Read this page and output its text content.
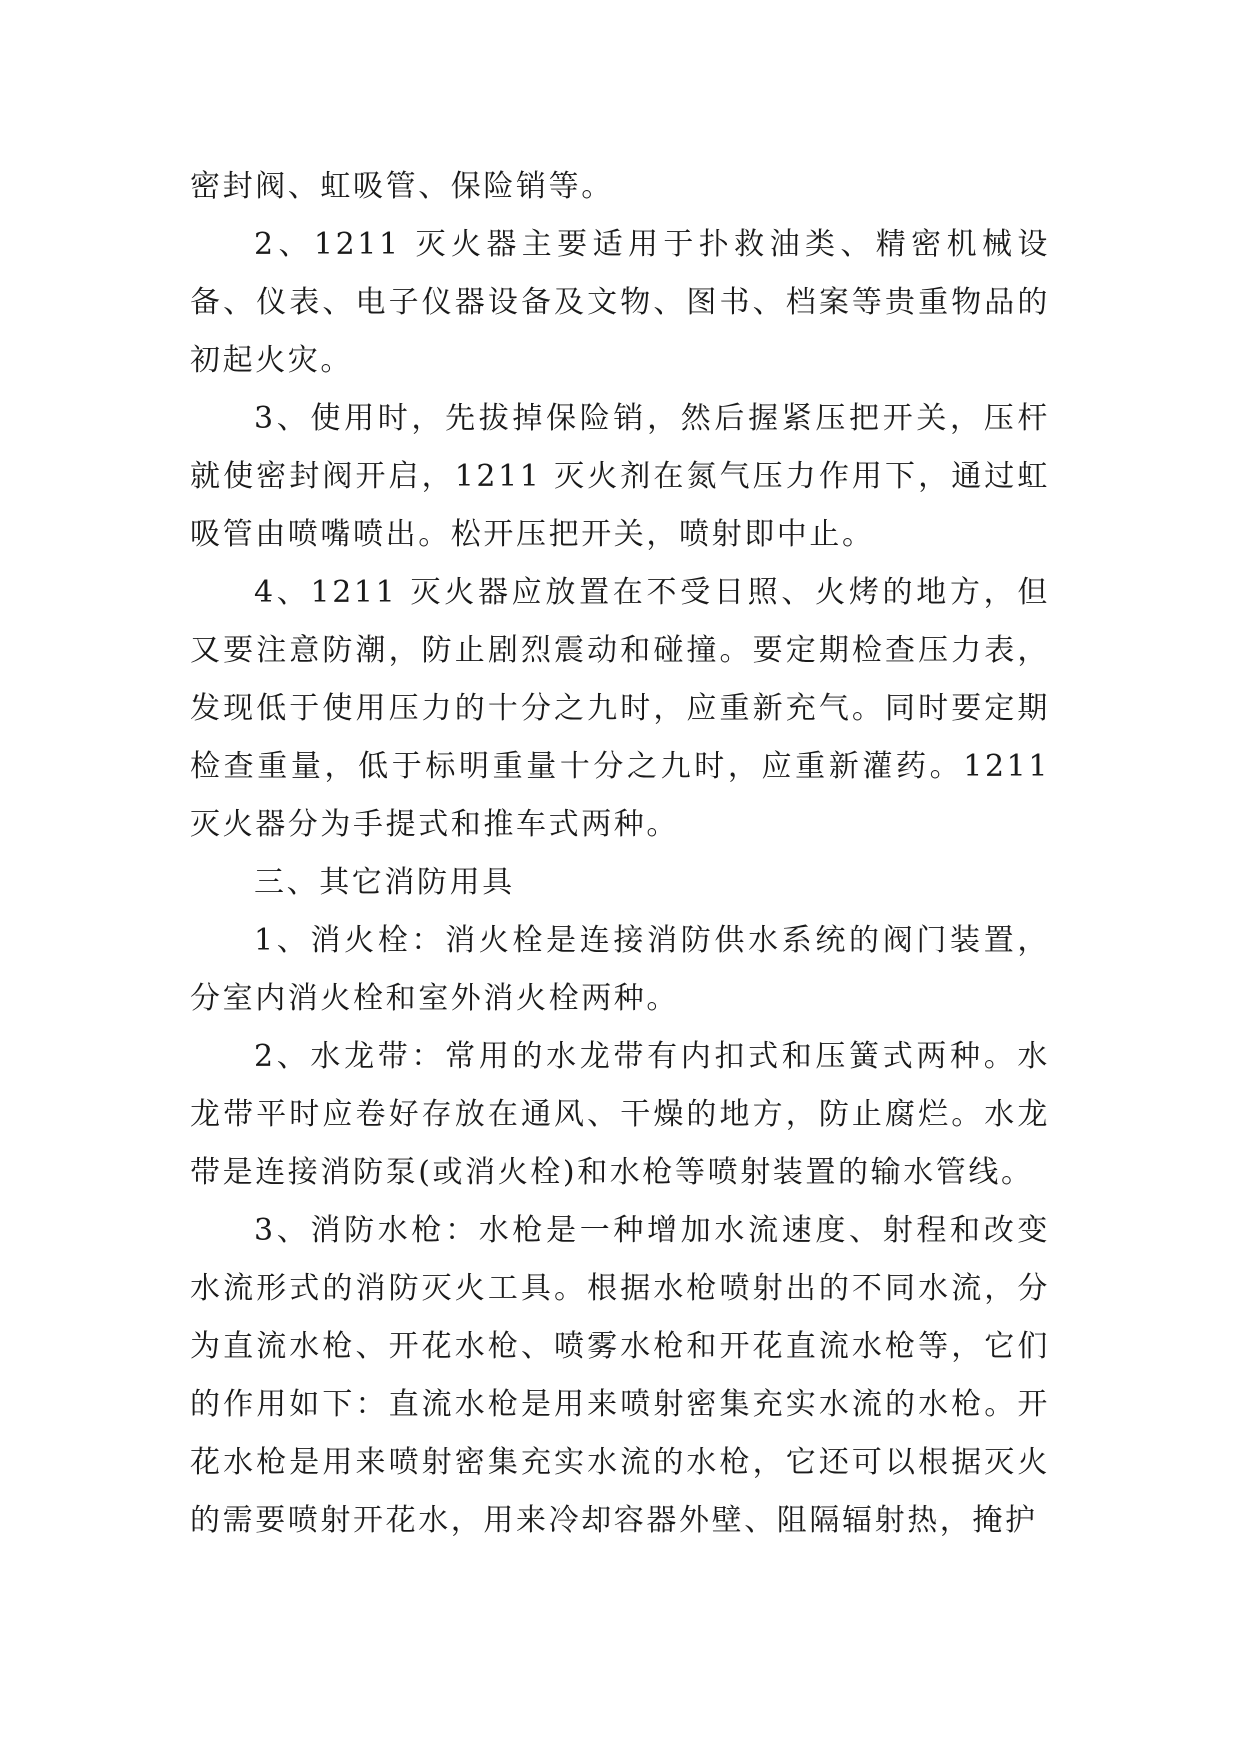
密封阀、虹吸管、保险销等。

2、1211 灭火器主要适用于扑救油类、精密机械设备、仪表、电子仪器设备及文物、图书、档案等贵重物品的初起火灾。

3、使用时，先拔掉保险销，然后握紧压把开关，压杆就使密封阀开启，1211 灭火剂在氮气压力作用下，通过虹吸管由喷嘴喷出。松开压把开关，喷射即中止。

4、1211 灭火器应放置在不受日照、火烤的地方，但又要注意防潮，防止剧烈震动和碰撞。要定期检查压力表，发现低于使用压力的十分之九时，应重新充气。同时要定期检查重量，低于标明重量十分之九时，应重新灌药。1211 灭火器分为手提式和推车式两种。

三、其它消防用具

1、消火栓：消火栓是连接消防供水系统的阀门装置，分室内消火栓和室外消火栓两种。

2、水龙带：常用的水龙带有内扣式和压簧式两种。水龙带平时应卷好存放在通风、干燥的地方，防止腐烂。水龙带是连接消防泵(或消火栓)和水枪等喷射装置的输水管线。

3、消防水枪：水枪是一种增加水流速度、射程和改变水流形式的消防灭火工具。根据水枪喷射出的不同水流，分为直流水枪、开花水枪、喷雾水枪和开花直流水枪等，它们的作用如下：直流水枪是用来喷射密集充实水流的水枪。开花水枪是用来喷射密集充实水流的水枪，它还可以根据灭火的需要喷射开花水，用来冷却容器外壁、阻隔辐射热，掩护
